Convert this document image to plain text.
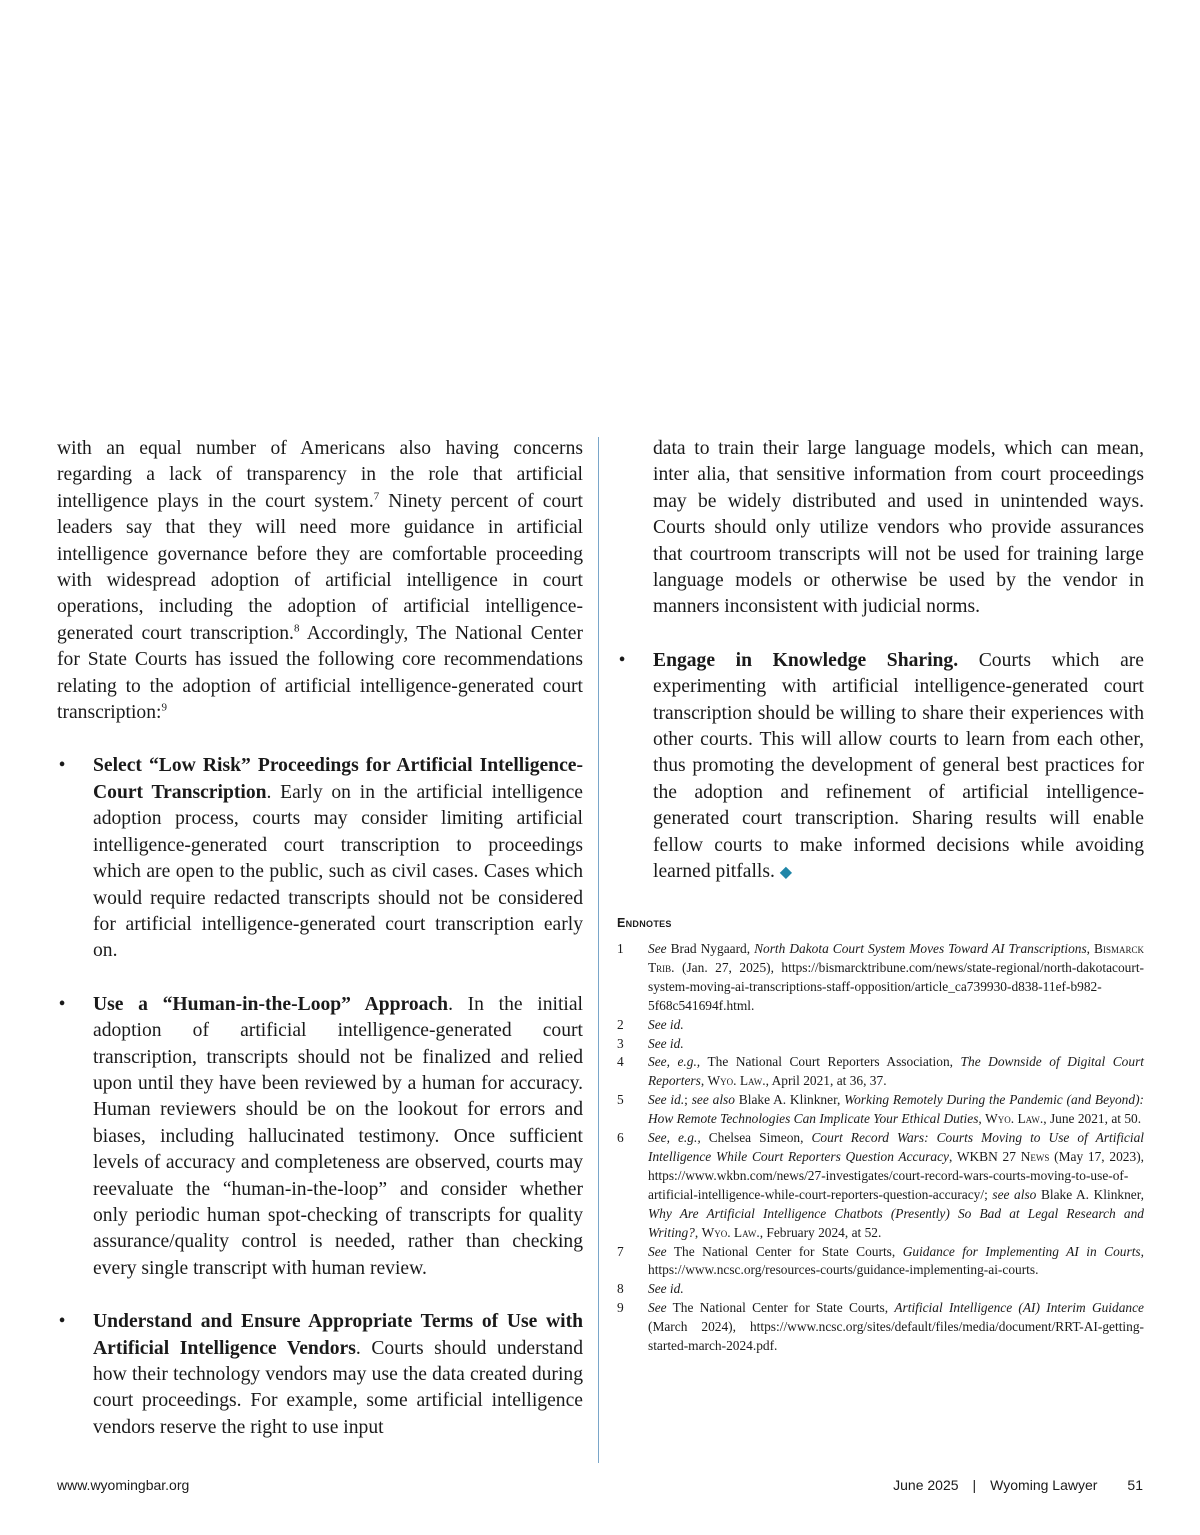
with an equal number of Americans also having concerns regarding a lack of transparency in the role that artificial intelligence plays in the court system.$^7$ Ninety percent of court leaders say that they will need more guidance in artificial intelligence governance before they are comfortable proceeding with widespread adoption of artificial intelligence in court operations, including the adoption of artificial intelligence-generated court transcription.$^8$ Accordingly, The National Center for State Courts has issued the following core recommendations relating to the adoption of artificial intelligence-generated court transcription:$^9$

• Select “Low Risk” Proceedings for Artificial Intelligence-Court Transcription. Early on in the artificial intelligence adoption process, courts may consider limiting artificial intelligence-generated court transcription to proceedings which are open to the public, such as civil cases. Cases which would require redacted transcripts should not be considered for artificial intelligence-generated court transcription early on.
• Use a “Human-in-the-Loop” Approach. In the initial adoption of artificial intelligence-generated court transcription, transcripts should not be finalized and relied upon until they have been reviewed by a human for accuracy. Human reviewers should be on the lookout for errors and biases, including hallucinated testimony. Once sufficient levels of accuracy and completeness are observed, courts may reevaluate the “human-in-the-loop” and consider whether only periodic human spot-checking of transcripts for quality assurance/quality control is needed, rather than checking every single transcript with human review.
• Understand and Ensure Appropriate Terms of Use with Artificial Intelligence Vendors. Courts should understand how their technology vendors may use the data created during court proceedings. For example, some artificial intelligence vendors reserve the right to use input

data to train their large language models, which can mean, inter alia, that sensitive information from court proceedings may be widely distributed and used in unintended ways. Courts should only utilize vendors who provide assurances that courtroom transcripts will not be used for training large language models or otherwise be used by the vendor in manners inconsistent with judicial norms.

• Engage in Knowledge Sharing. Courts which are experimenting with artificial intelligence-generated court transcription should be willing to share their experiences with other courts. This will allow courts to learn from each other, thus promoting the development of general best practices for the adoption and refinement of artificial intelligence-generated court transcription. Sharing results will enable fellow courts to make informed decisions while avoiding learned pitfalls. ◆
Endnotes
1 See Brad Nygaard, North Dakota Court System Moves Toward AI Transcriptions, Bismarck Trib. (Jan. 27, 2025), https://bismarcktribune.com/news/state-regional/north-dakotacourt-system-moving-ai-transcriptions-staff-opposition/article_ca739930-d838-11ef-b982-5f68c541694f.html.
2 See id.
3 See id.
4 See, e.g., The National Court Reporters Association, The Downside of Digital Court Reporters, Wyo. Law., April 2021, at 36, 37.
5 See id.; see also Blake A. Klinkner, Working Remotely During the Pandemic (and Beyond): How Remote Technologies Can Implicate Your Ethical Duties, Wyo. Law., June 2021, at 50.
6 See, e.g., Chelsea Simeon, Court Record Wars: Courts Moving to Use of Artificial Intelligence While Court Reporters Question Accuracy, WKBN 27 News (May 17, 2023), https://www.wkbn.com/news/27-investigates/court-record-wars-courts-moving-to-use-of-artificial-intelligence-while-court-reporters-question-accuracy/; see also Blake A. Klinkner, Why Are Artificial Intelligence Chatbots (Presently) So Bad at Legal Research and Writing?, Wyo. Law., February 2024, at 52.
7 See The National Center for State Courts, Guidance for Implementing AI in Courts, https://www.ncsc.org/resources-courts/guidance-implementing-ai-courts.
8 See id.
9 See The National Center for State Courts, Artificial Intelligence (AI) Interim Guidance (March 2024), https://www.ncsc.org/sites/default/files/media/document/RRT-AI-getting-started-march-2024.pdf.
www.wyomingbar.org	June 2025 | Wyoming Lawyer 51
